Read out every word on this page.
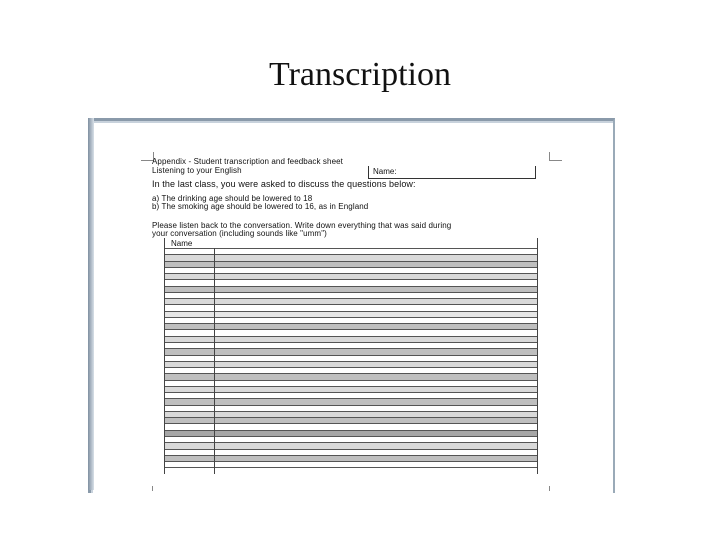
Transcription
Appendix - Student transcription and feedback sheet
Listening to your English	Name:
In the last class, you were asked to discuss the questions below:
a) The drinking age should be lowered to 18
b) The smoking age should be lowered to 16, as in England
Please listen back to the conversation. Write down everything that was said during
your conversation (including sounds like "umm")
Name
